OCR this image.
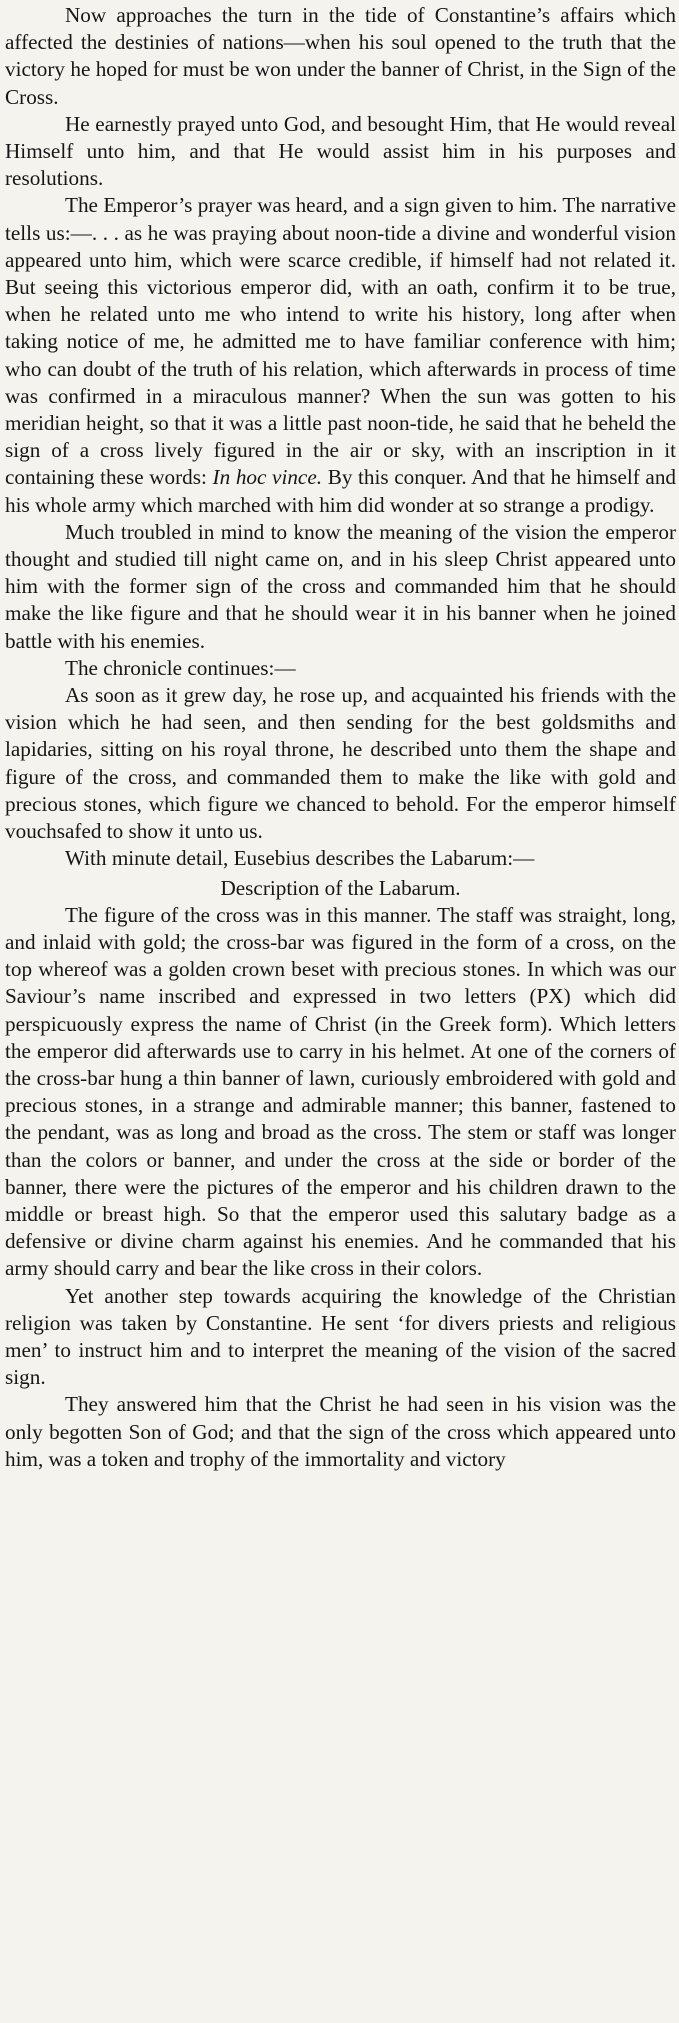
Now approaches the turn in the tide of Constantine’s affairs which affected the destinies of nations—when his soul opened to the truth that the victory he hoped for must be won under the banner of Christ, in the Sign of the Cross.

He earnestly prayed unto God, and besought Him, that He would reveal Himself unto him, and that He would assist him in his purposes and resolutions.

The Emperor’s prayer was heard, and a sign given to him. The narrative tells us:—. . . as he was praying about noon-tide a divine and wonderful vision appeared unto him, which were scarce credible, if himself had not related it. But seeing this victorious emperor did, with an oath, confirm it to be true, when he related unto me who intend to write his history, long after when taking notice of me, he admitted me to have familiar conference with him; who can doubt of the truth of his relation, which afterwards in process of time was confirmed in a miraculous manner? When the sun was gotten to his meridian height, so that it was a little past noon-tide, he said that he beheld the sign of a cross lively figured in the air or sky, with an inscription in it containing these words: In hoc vince. By this conquer. And that he himself and his whole army which marched with him did wonder at so strange a prodigy.

Much troubled in mind to know the meaning of the vision the emperor thought and studied till night came on, and in his sleep Christ appeared unto him with the former sign of the cross and commanded him that he should make the like figure and that he should wear it in his banner when he joined battle with his enemies.

The chronicle continues:—

As soon as it grew day, he rose up, and acquainted his friends with the vision which he had seen, and then sending for the best goldsmiths and lapidaries, sitting on his royal throne, he described unto them the shape and figure of the cross, and commanded them to make the like with gold and precious stones, which figure we chanced to behold. For the emperor himself vouchsafed to show it unto us.

With minute detail, Eusebius describes the Labarum:—

Description of the Labarum.

The figure of the cross was in this manner. The staff was straight, long, and inlaid with gold; the cross-bar was figured in the form of a cross, on the top whereof was a golden crown beset with precious stones. In which was our Saviour’s name inscribed and expressed in two letters (PX) which did perspicuously express the name of Christ (in the Greek form). Which letters the emperor did afterwards use to carry in his helmet. At one of the corners of the cross-bar hung a thin banner of lawn, curiously embroidered with gold and precious stones, in a strange and admirable manner; this banner, fastened to the pendant, was as long and broad as the cross. The stem or staff was longer than the colors or banner, and under the cross at the side or border of the banner, there were the pictures of the emperor and his children drawn to the middle or breast high. So that the emperor used this salutary badge as a defensive or divine charm against his enemies. And he commanded that his army should carry and bear the like cross in their colors.

Yet another step towards acquiring the knowledge of the Christian religion was taken by Constantine. He sent ‘for divers priests and religious men’ to instruct him and to interpret the meaning of the vision of the sacred sign.

They answered him that the Christ he had seen in his vision was the only begotten Son of God; and that the sign of the cross which appeared unto him, was a token and trophy of the immortality and victory
